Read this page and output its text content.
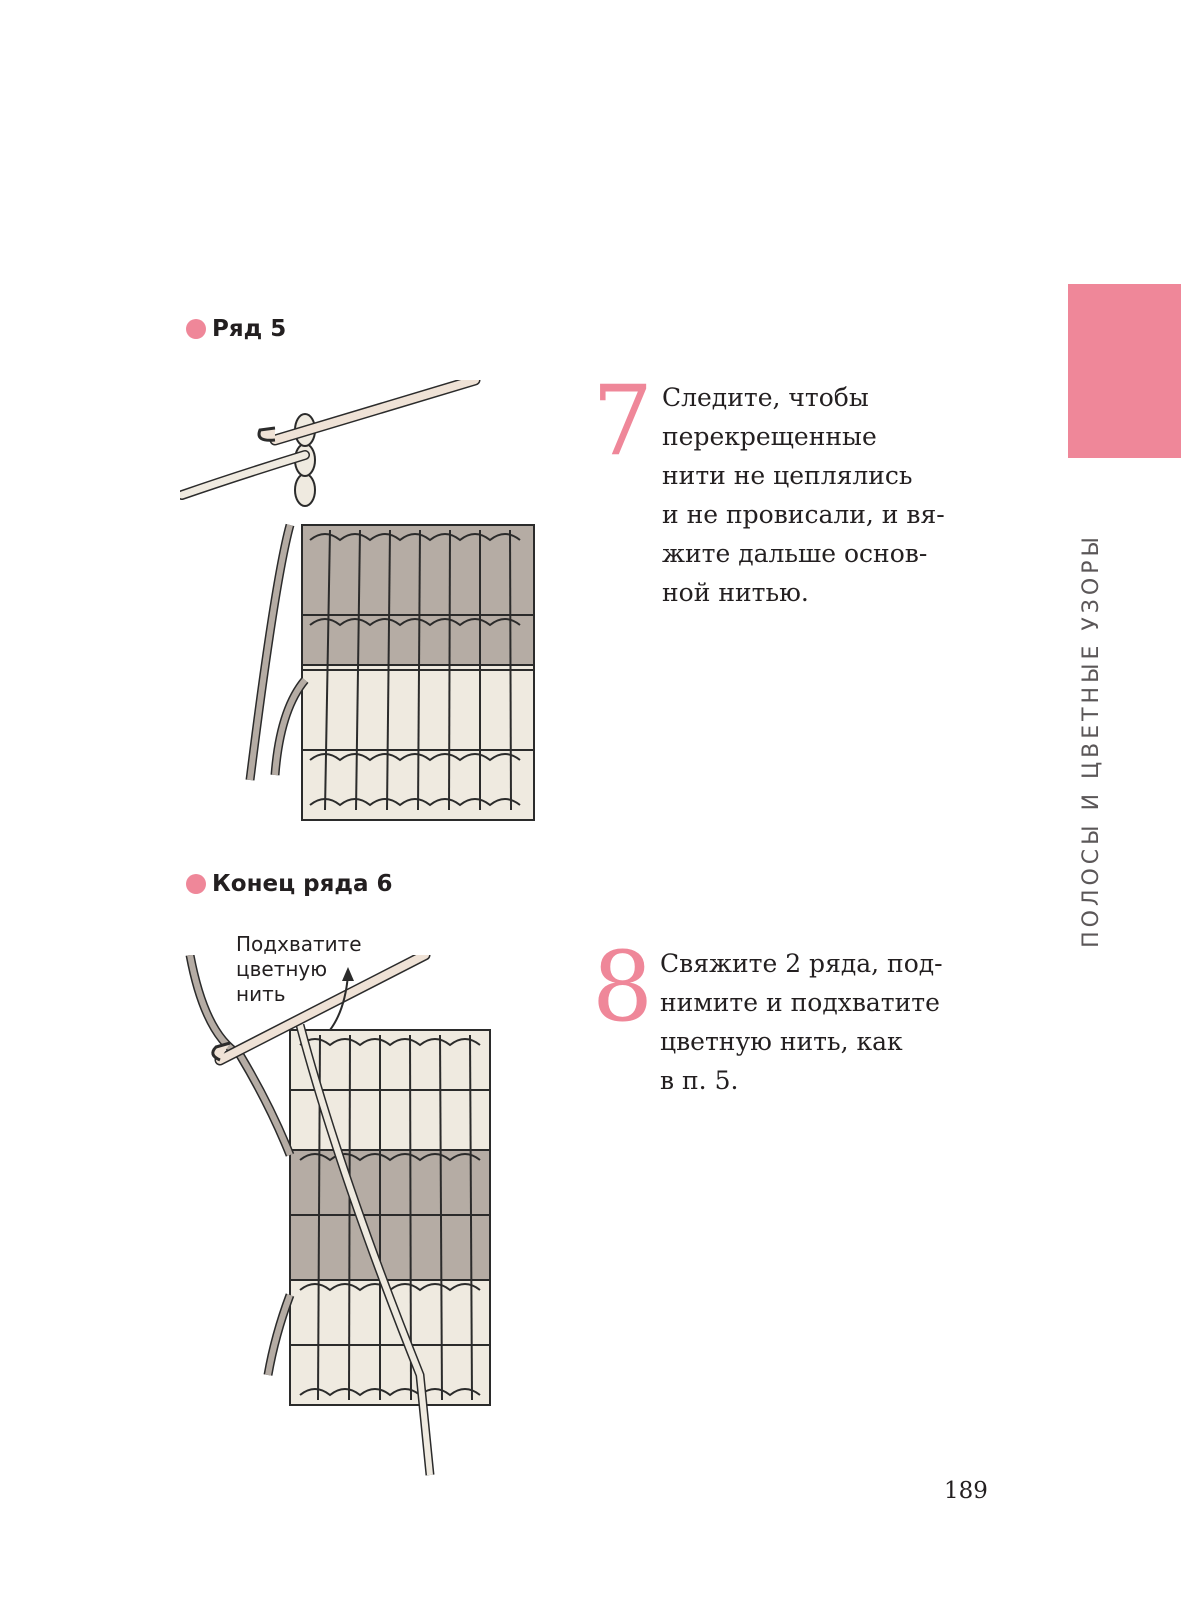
ПОЛОСЫ И ЦВЕТНЫЕ УЗОРЫ
Ряд 5
7 Следите, чтобы
перекрещенные
нити не цеплялись
и не провисали, и вя-
жите дальше основ-
ной нитью.
Конец ряда 6
Подхватите
цветную
нить	8 Свяжите 2 ряда, под-
нимите и подхватите
цветную нить, как
в п. 5.
189
